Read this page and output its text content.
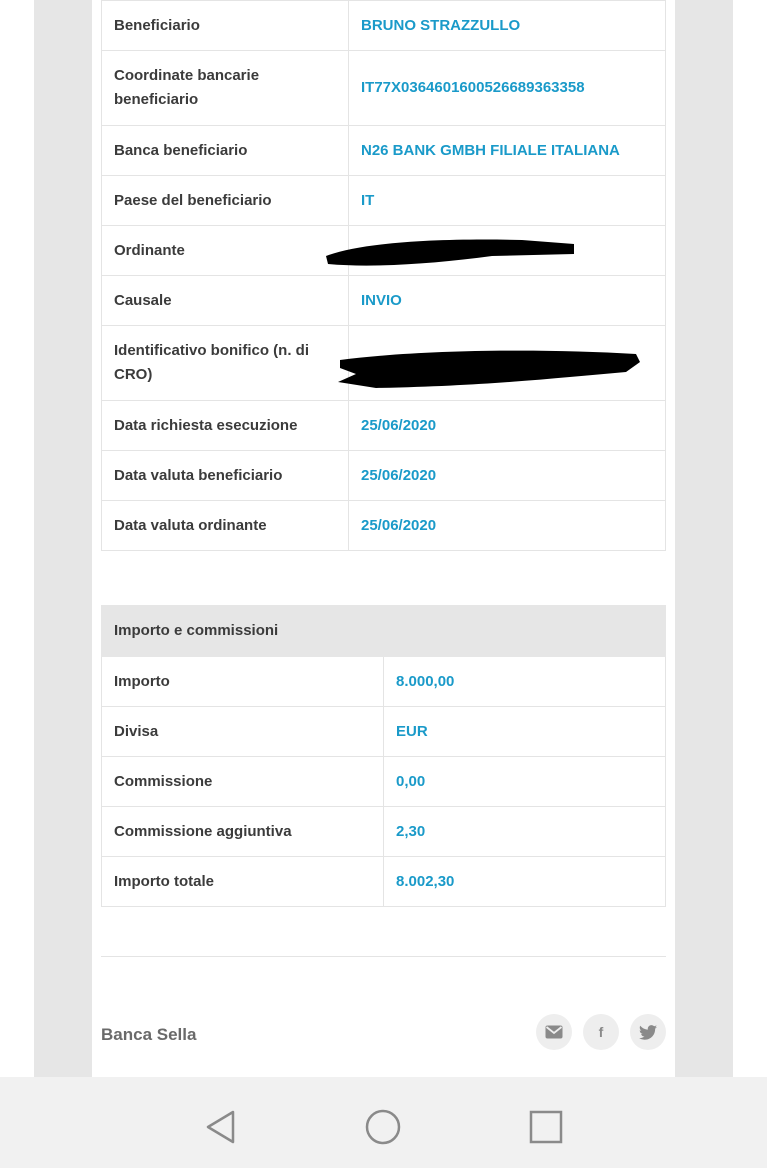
Beneficiario	BRUNO STRAZZULLO
Coordinate bancarie beneficiario	IT77X0364601600526689363358
Banca beneficiario	N26 BANK GMBH FILIALE ITALIANA
Paese del beneficiario	IT
Ordinante	
Causale	INVIO
Identificativo bonifico (n. di CRO)	
Data richiesta esecuzione	25/06/2020
Data valuta beneficiario	25/06/2020
Data valuta ordinante	25/06/2020
Importo e commissioni	
Importo	8.000,00
Divisa	EUR
Commissione	0,00
Commissione aggiuntiva	2,30
Importo totale	8.002,30
Banca Sella	f
